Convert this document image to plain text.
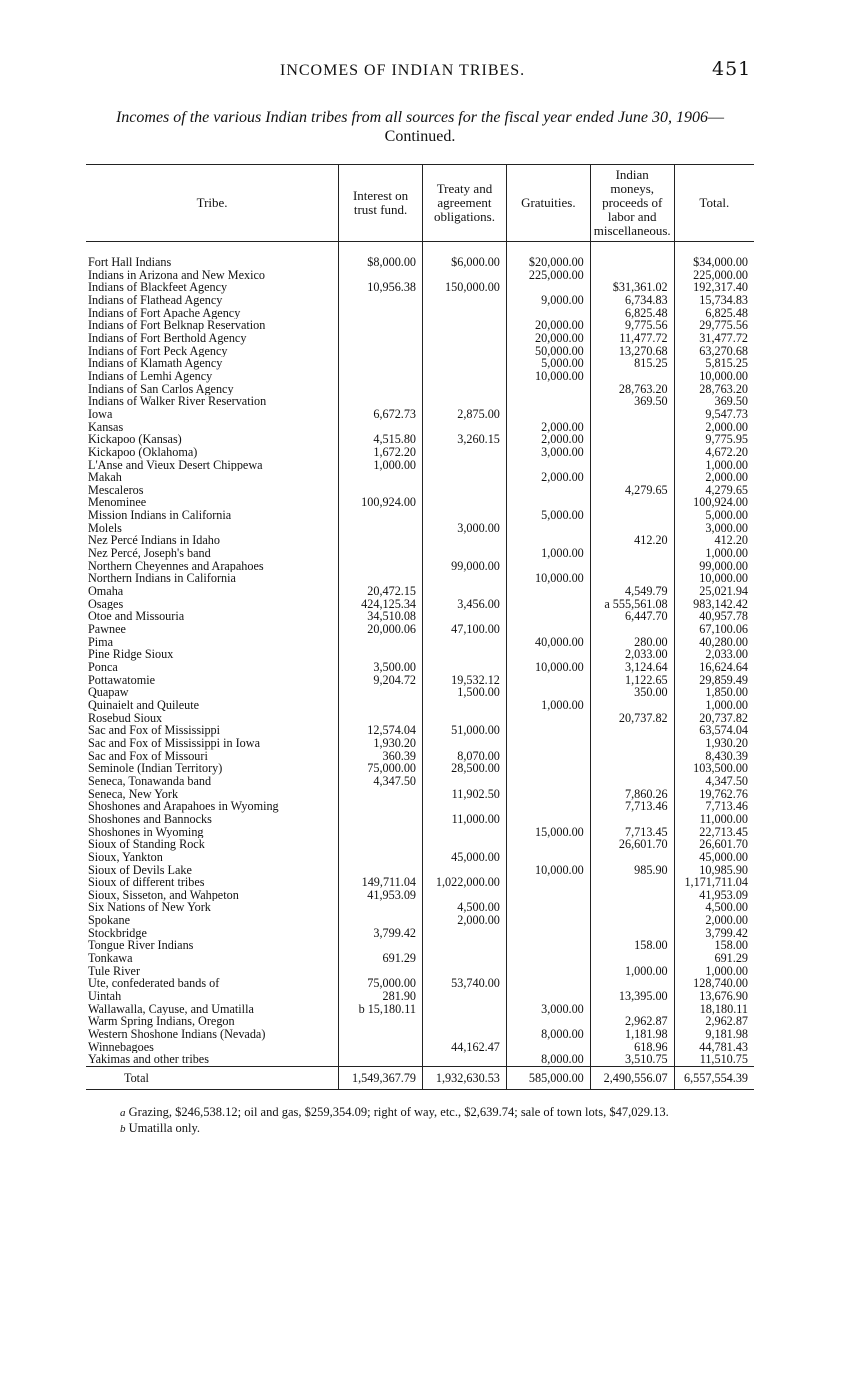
INCOMES OF INDIAN TRIBES.	451
Incomes of the various Indian tribes from all sources for the fiscal year ended June 30, 1906—Continued.
Tribe.	Interest on trust fund.	Treaty and agreement obligations.	Gratuities.	Indian moneys, proceeds of labor and miscellaneous.	Total.
Fort Hall Indians	$8,000.00	$6,000.00	$20,000.00		$34,000.00
Indians in Arizona and New Mexico			225,000.00		225,000.00
Indians of Blackfeet Agency	10,956.38	150,000.00		$31,361.02	192,317.40
Indians of Flathead Agency			9,000.00	6,734.83	15,734.83
Indians of Fort Apache Agency				6,825.48	6,825.48
Indians of Fort Belknap Reservation			20,000.00	9,775.56	29,775.56
Indians of Fort Berthold Agency			20,000.00	11,477.72	31,477.72
Indians of Fort Peck Agency			50,000.00	13,270.68	63,270.68
Indians of Klamath Agency			5,000.00	815.25	5,815.25
Indians of Lemhi Agency			10,000.00		10,000.00
Indians of San Carlos Agency				28,763.20	28,763.20
Indians of Walker River Reservation				369.50	369.50
Iowa	6,672.73	2,875.00			9,547.73
Kansas			2,000.00		2,000.00
Kickapoo (Kansas)	4,515.80	3,260.15	2,000.00		9,775.95
Kickapoo (Oklahoma)	1,672.20		3,000.00		4,672.20
L'Anse and Vieux Desert Chippewa	1,000.00				1,000.00
Makah			2,000.00		2,000.00
Mescaleros				4,279.65	4,279.65
Menominee	100,924.00				100,924.00
Mission Indians in California			5,000.00		5,000.00
Molels		3,000.00			3,000.00
Nez Percé Indians in Idaho				412.20	412.20
Nez Percé, Joseph's band			1,000.00		1,000.00
Northern Cheyennes and Arapahoes		99,000.00			99,000.00
Northern Indians in California			10,000.00		10,000.00
Omaha	20,472.15			4,549.79	25,021.94
Osages	424,125.34	3,456.00		a 555,561.08	983,142.42
Otoe and Missouria	34,510.08			6,447.70	40,957.78
Pawnee	20,000.06	47,100.00			67,100.06
Pima			40,000.00	280.00	40,280.00
Pine Ridge Sioux				2,033.00	2,033.00
Ponca	3,500.00		10,000.00	3,124.64	16,624.64
Pottawatomie	9,204.72	19,532.12		1,122.65	29,859.49
Quapaw		1,500.00		350.00	1,850.00
Quinaielt and Quileute			1,000.00		1,000.00
Rosebud Sioux				20,737.82	20,737.82
Sac and Fox of Mississippi	12,574.04	51,000.00			63,574.04
Sac and Fox of Mississippi in Iowa	1,930.20				1,930.20
Sac and Fox of Missouri	360.39	8,070.00			8,430.39
Seminole (Indian Territory)	75,000.00	28,500.00			103,500.00
Seneca, Tonawanda band	4,347.50				4,347.50
Seneca, New York		11,902.50		7,860.26	19,762.76
Shoshones and Arapahoes in Wyoming				7,713.46	7,713.46
Shoshones and Bannocks		11,000.00			11,000.00
Shoshones in Wyoming			15,000.00	7,713.45	22,713.45
Sioux of Standing Rock				26,601.70	26,601.70
Sioux, Yankton		45,000.00			45,000.00
Sioux of Devils Lake			10,000.00	985.90	10,985.90
Sioux of different tribes	149,711.04	1,022,000.00			1,171,711.04
Sioux, Sisseton, and Wahpeton	41,953.09				41,953.09
Six Nations of New York		4,500.00			4,500.00
Spokane		2,000.00			2,000.00
Stockbridge	3,799.42				3,799.42
Tongue River Indians				158.00	158.00
Tonkawa	691.29				691.29
Tule River				1,000.00	1,000.00
Ute, confederated bands of	75,000.00	53,740.00			128,740.00
Uintah	281.90			13,395.00	13,676.90
Wallawalla, Cayuse, and Umatilla	b 15,180.11		3,000.00		18,180.11
Warm Spring Indians, Oregon				2,962.87	2,962.87
Western Shoshone Indians (Nevada)			8,000.00	1,181.98	9,181.98
Winnebagoes		44,162.47		618.96	44,781.43
Yakimas and other tribes			8,000.00	3,510.75	11,510.75
Total	1,549,367.79	1,932,630.53	585,000.00	2,490,556.07	6,557,554.39
a Grazing, $246,538.12; oil and gas, $259,354.09; right of way, etc., $2,639.74; sale of town lots, $47,029.13.
b Umatilla only.
